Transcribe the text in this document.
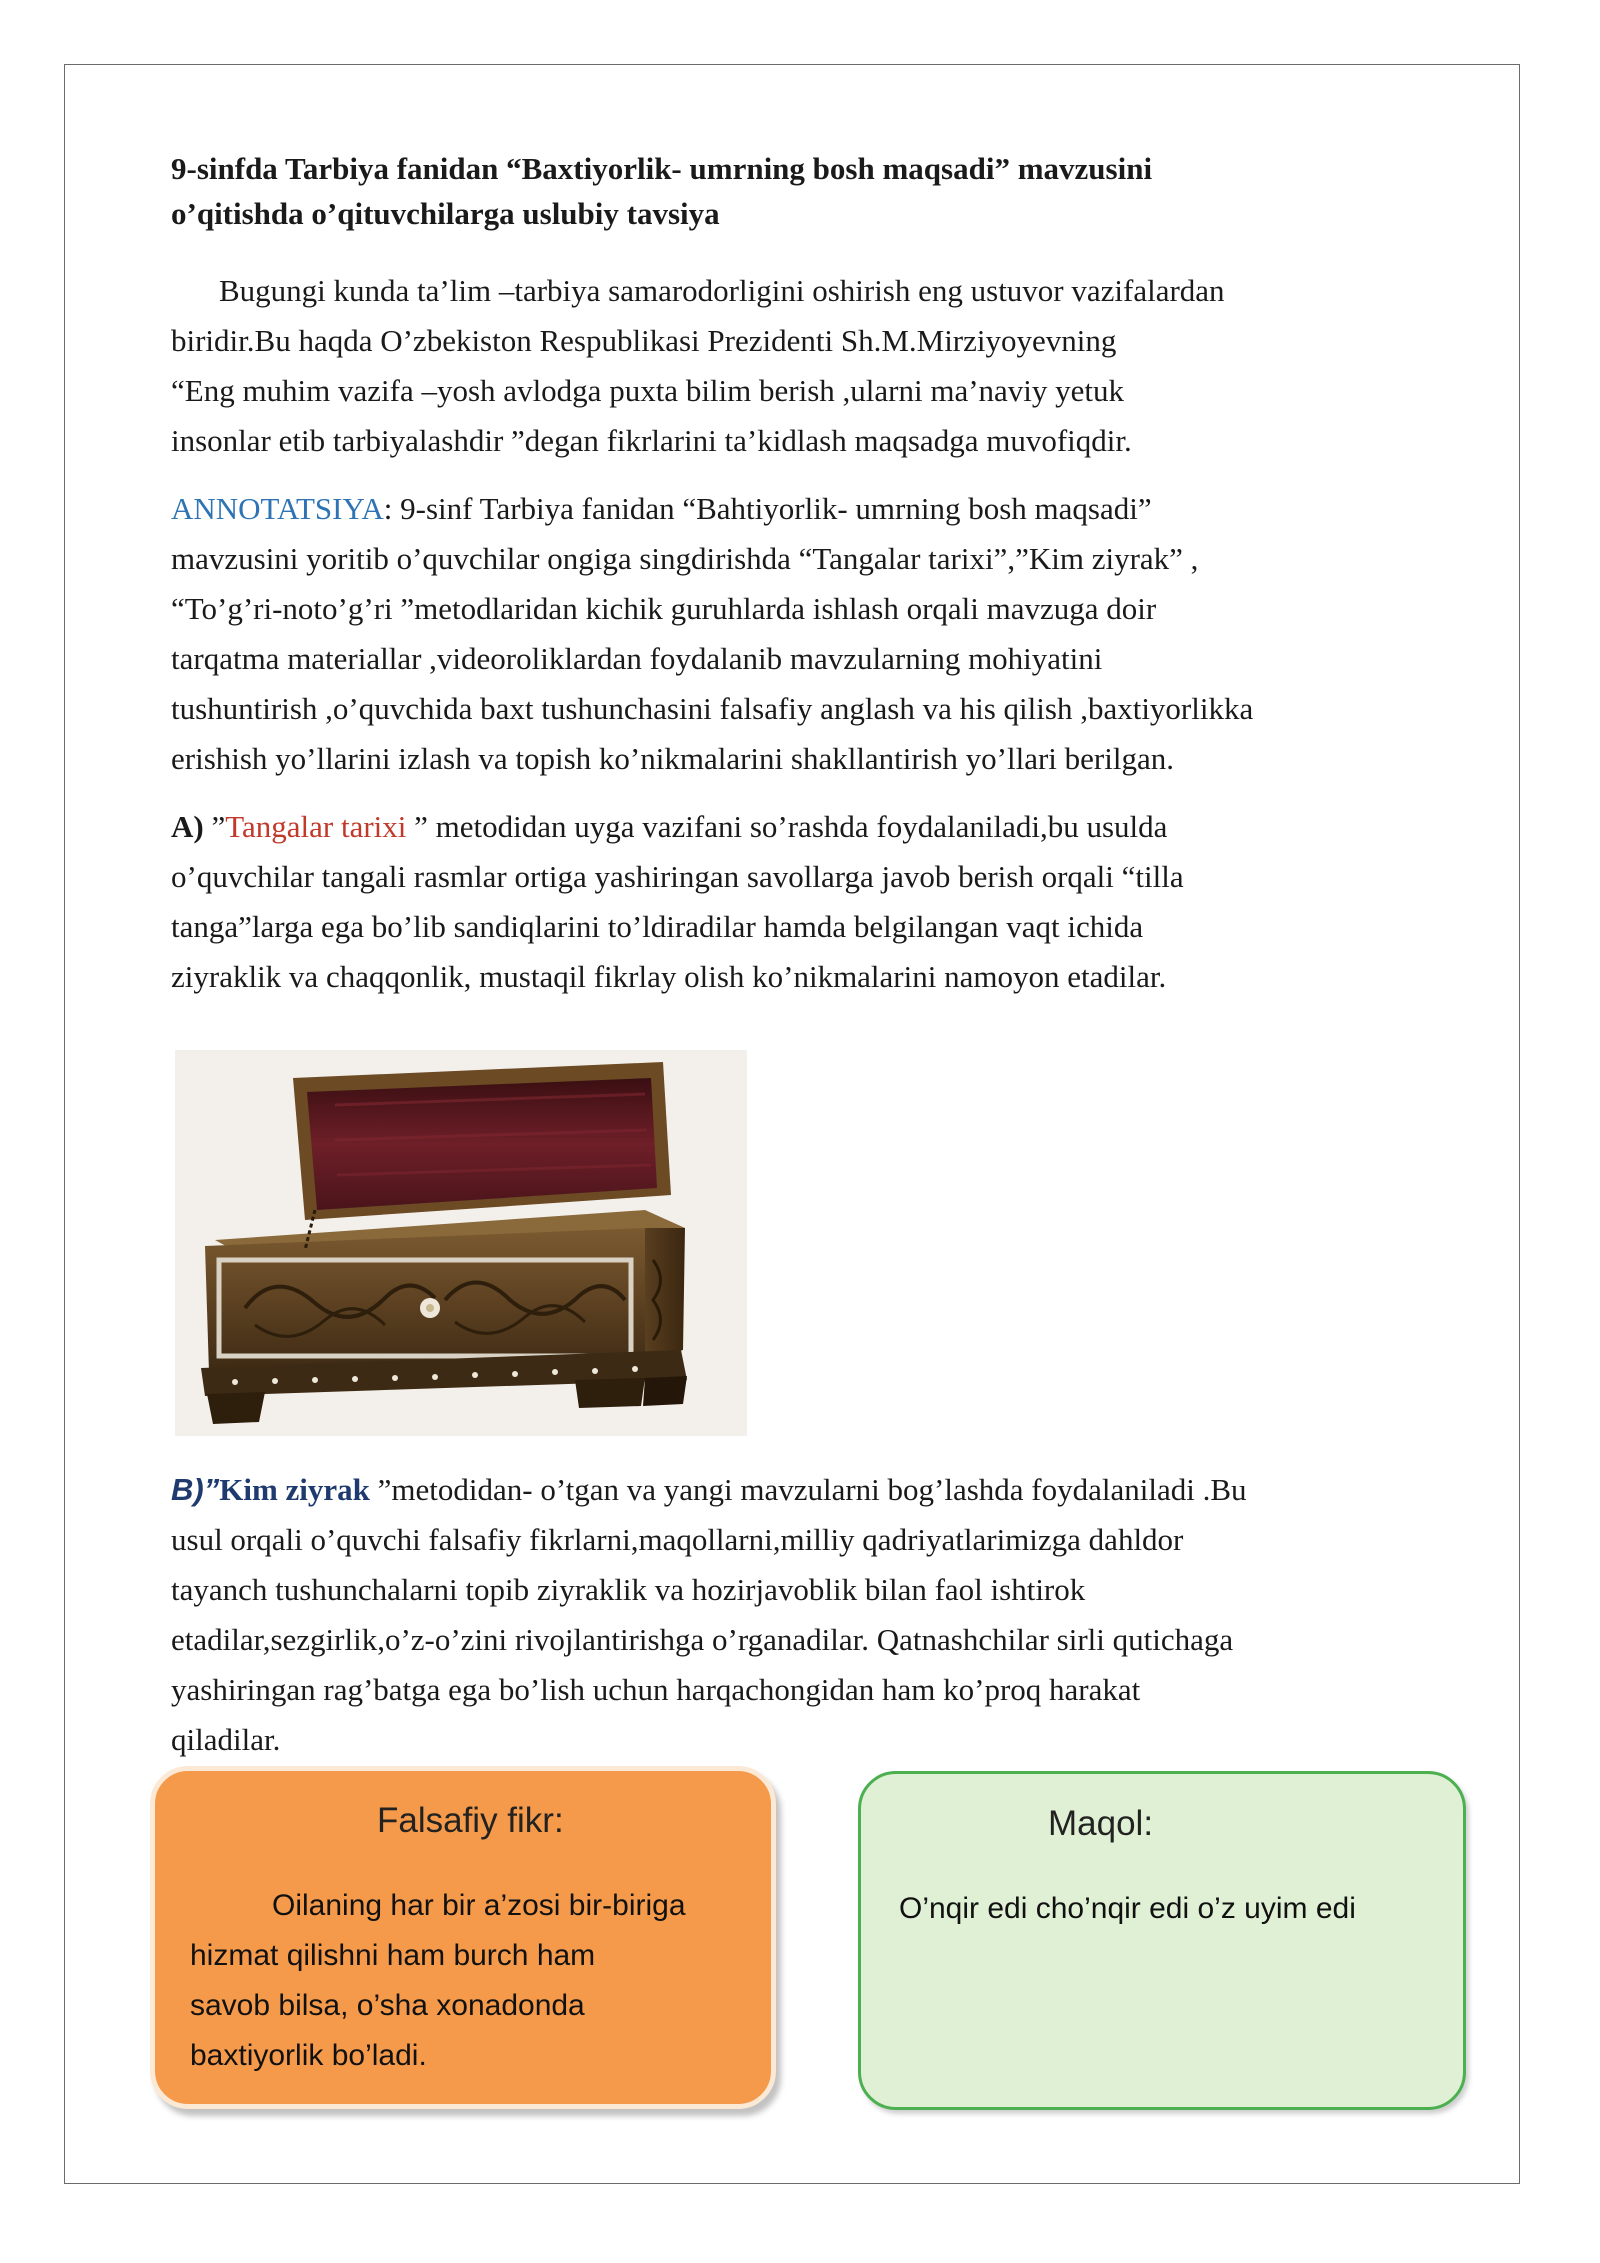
9-sinfda Tarbiya fanidan “Baxtiyorlik- umrning bosh maqsadi” mavzusini
o’qitishda o’qituvchilarga uslubiy tavsiya

Bugungi kunda ta’lim –tarbiya samarodorligini oshirish eng ustuvor vazifalardan
biridir.Bu haqda O’zbekiston Respublikasi Prezidenti Sh.M.Mirziyoyevning
“Eng muhim vazifa –yosh avlodga puxta bilim berish ,ularni ma’naviy yetuk
insonlar etib tarbiyalashdir ”degan fikrlarini ta’kidlash maqsadga muvofiqdir.

ANNOTATSIYA: 9-sinf Tarbiya fanidan “Bahtiyorlik- umrning bosh maqsadi”
mavzusini yoritib o’quvchilar ongiga singdirishda “Tangalar tarixi”,”Kim ziyrak” ,
“To’g’ri-noto’g’ri ”metodlaridan kichik guruhlarda ishlash orqali mavzuga doir
tarqatma materiallar ,videoroliklardan foydalanib mavzularning mohiyatini
tushuntirish ,o’quvchida baxt tushunchasini falsafiy anglash va his qilish ,baxtiyorlikka
erishish yo’llarini izlash va topish ko’nikmalarini shakllantirish yo’llari berilgan.

A) ”Tangalar tarixi ” metodidan uyga vazifani so’rashda foydalaniladi,bu usulda
o’quvchilar tangali rasmlar ortiga yashiringan savollarga javob berish orqali “tilla
tanga”larga ega bo’lib sandiqlarini to’ldiradilar hamda belgilangan vaqt ichida
ziyraklik va chaqqonlik, mustaqil fikrlay olish ko’nikmalarini namoyon etadilar.

B)”Kim ziyrak ”metodidan- o’tgan va yangi mavzularni bog’lashda foydalaniladi .Bu
usul orqali o’quvchi falsafiy fikrlarni,maqollarni,milliy qadriyatlarimizga dahldor
tayanch tushunchalarni topib ziyraklik va hozirjavoblik bilan faol ishtirok
etadilar,sezgirlik,o’z-o’zini rivojlantirishga o’rganadilar. Qatnashchilar sirli qutichaga
yashiringan rag’batga ega bo’lish uchun harqachongidan ham ko’proq harakat
qiladilar.

Falsafiy fikr:
Oilaning har bir a’zosi bir-biriga
hizmat qilishni ham burch ham
savob bilsa, o’sha xonadonda
baxtiyorlik bo’ladi.
Maqol:
O’nqir edi cho’nqir edi o’z uyim edi
